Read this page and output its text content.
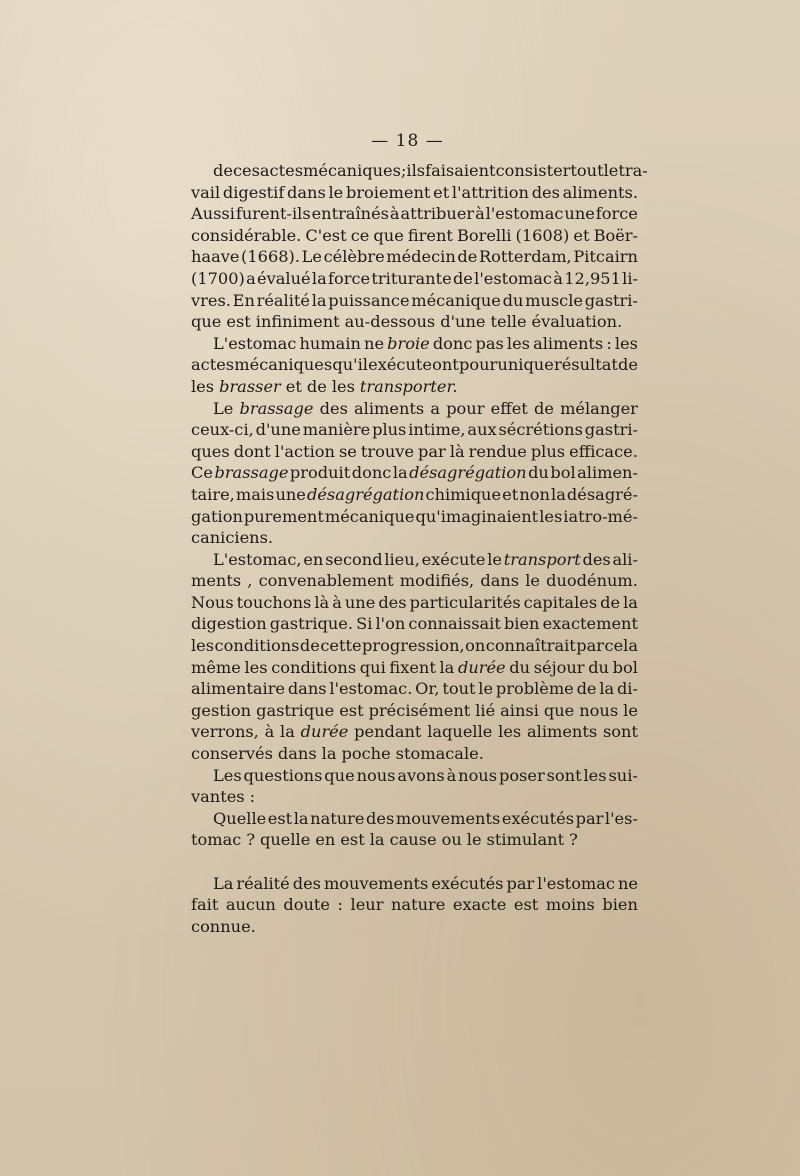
— 18 —
de ces actes mécaniques ; ils faisaient consister tout le tra-
vail digestif dans le broiement et l'attrition des aliments.
Aussi furent-ils entraînés à attribuer à l'estomac une force
considérable. C'est ce que firent Borelli (1608) et Boër-
haave (1668). Le célèbre médecin de Rotterdam, Pitcairn
(1700) a évalué la force triturante de l'estomac à 12,951 li-
vres. En réalité la puissance mécanique du muscle gastri-
que est infiniment au-dessous d'une telle évaluation.
L'estomac humain ne broie donc pas les aliments : les
actes mécaniques qu'il exécute ont pour unique résultat de
les brasser et de les transporter.
Le brassage des aliments a pour effet de mélanger
ceux-ci, d'une manière plus intime, aux sécrétions gastri-
ques dont l'action se trouve par là rendue plus efficace.
Ce brassage produit donc la désagrégation du bol alimen-
taire, mais une désagrégation chimique et non la désagré-
gation purement mécanique qu'imaginaient les iatro-mé-
caniciens.
L'estomac, en second lieu, exécute le transport des ali-
ments , convenablement modifiés, dans le duodénum.
Nous touchons là à une des particularités capitales de la
digestion gastrique. Si l'on connaissait bien exactement
les conditions de cette progression, on connaîtrait par cela
même les conditions qui fixent la durée du séjour du bol
alimentaire dans l'estomac. Or, tout le problème de la di-
gestion gastrique est précisément lié ainsi que nous le
verrons, à la durée pendant laquelle les aliments sont
conservés dans la poche stomacale.
Les questions que nous avons à nous poser sont les sui-
vantes :
Quelle est la nature des mouvements exécutés par l'es-
tomac ? quelle en est la cause ou le stimulant ?
La réalité des mouvements exécutés par l'estomac ne
fait aucun doute : leur nature exacte est moins bien
connue.
